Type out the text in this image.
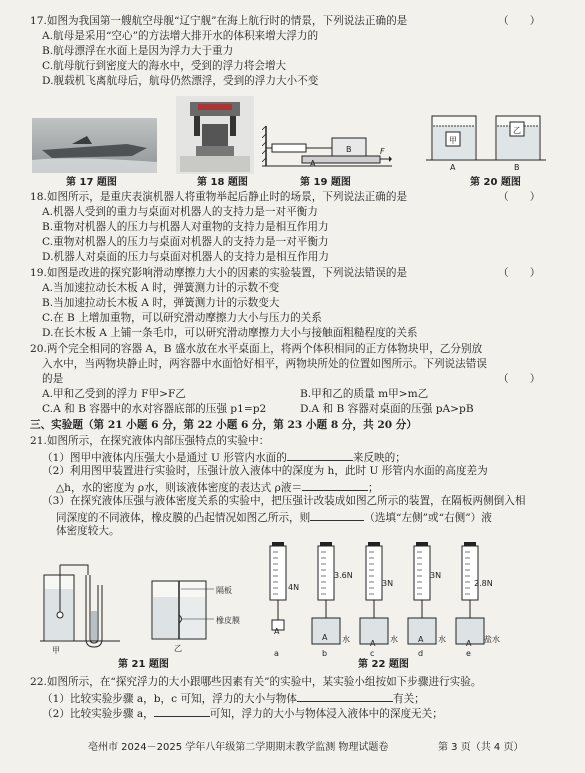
17.如图为我国第一艘航空母舰“辽宁舰”在海上航行时的情景，下列说法正确的是	（　　）
A.航母是采用“空心”的方法增大排开水的体积来增大浮力的
B.航母漂浮在水面上是因为浮力大于重力
C.航母航行到密度大的海水中，受到的浮力将会增大
D.舰载机飞离航母后，航母仍然漂浮，受到的浮力大小不变
第 17 题图	第 18 题图
B
A
F
第 19 题图
甲
乙
A	B
第 20 题图
18.如图所示，是重庆表演机器人将重物举起后静止时的场景，下列说法正确的是	（　　）
A.机器人受到的重力与桌面对机器人的支持力是一对平衡力
B.重物对机器人的压力与机器人对重物的支持力是相互作用力
C.重物对机器人的压力与桌面对机器人的支持力是一对平衡力
D.机器人对桌面的压力与桌面对机器人的支持力是相互作用力
19.如图是改进的探究影响滑动摩擦力大小的因素的实验装置，下列说法错误的是	（　　）
A.当加速拉动长木板 A 时，弹簧测力计的示数不变
B.当加速拉动长木板 A 时，弹簧测力计的示数变大
C.在 B 上增加重物，可以研究滑动摩擦力大小与压力的关系
D.在长木板 A 上铺一条毛巾，可以研究滑动摩擦力大小与接触面粗糙程度的关系
20.两个完全相同的容器 A，B 盛水放在水平桌面上，将两个体积相同的正方体物块甲，乙分别放
入水中，当两物块静止时，两容器中水面恰好相平，两物块所处的位置如图所示。下列说法错误
的是	（　　）
A.甲和乙受到的浮力 F甲>F乙	B.甲和乙的质量 m甲>m乙
C.A 和 B 容器中的水对容器底部的压强 p1=p2	D.A 和 B 容器对桌面的压强 pA>pB
三、实验题（第 21 小题 6 分，第 22 小题 6 分，第 23 小题 8 分，共 20 分）
21.如图所示，在探究液体内部压强特点的实验中：
（1）图甲中液体内压强大小是通过 U 形管内水面的	来反映的；
（2）利用图甲装置进行实验时，压强计放入液体中的深度为 h，此时 U 形管内水面的高度差为
△h，水的密度为 ρ水，则该液体密度的表达式 ρ液＝	；
（3）在探究液体压强与液体密度关系的实验中，把压强计改装成如图乙所示的装置，在隔板两侧倒入相
同深度的不同液体，橡皮膜的凸起情况如图乙所示，则	（选填“左侧”或“右侧”）液
体密度较大。
甲
隔板
橡皮膜
乙
第 21 题图
4N
3.6N
3N
3N
2.8N
A
A
A	A	A
水	水	水	盐水
a	b	c	d	e
第 22 题图
22.如图所示，在“探究浮力的大小跟哪些因素有关”的实验中，某实验小组按如下步骤进行实验。
（1）比较实验步骤 a，b，c 可知，浮力的大小与物体	有关；
（2）比较实验步骤 a，	可知，浮力的大小与物体浸入液体中的深度无关；
亳州市 2024－2025 学年八年级第二学期期末教学监测 物理试题卷	第 3 页（共 4 页）
